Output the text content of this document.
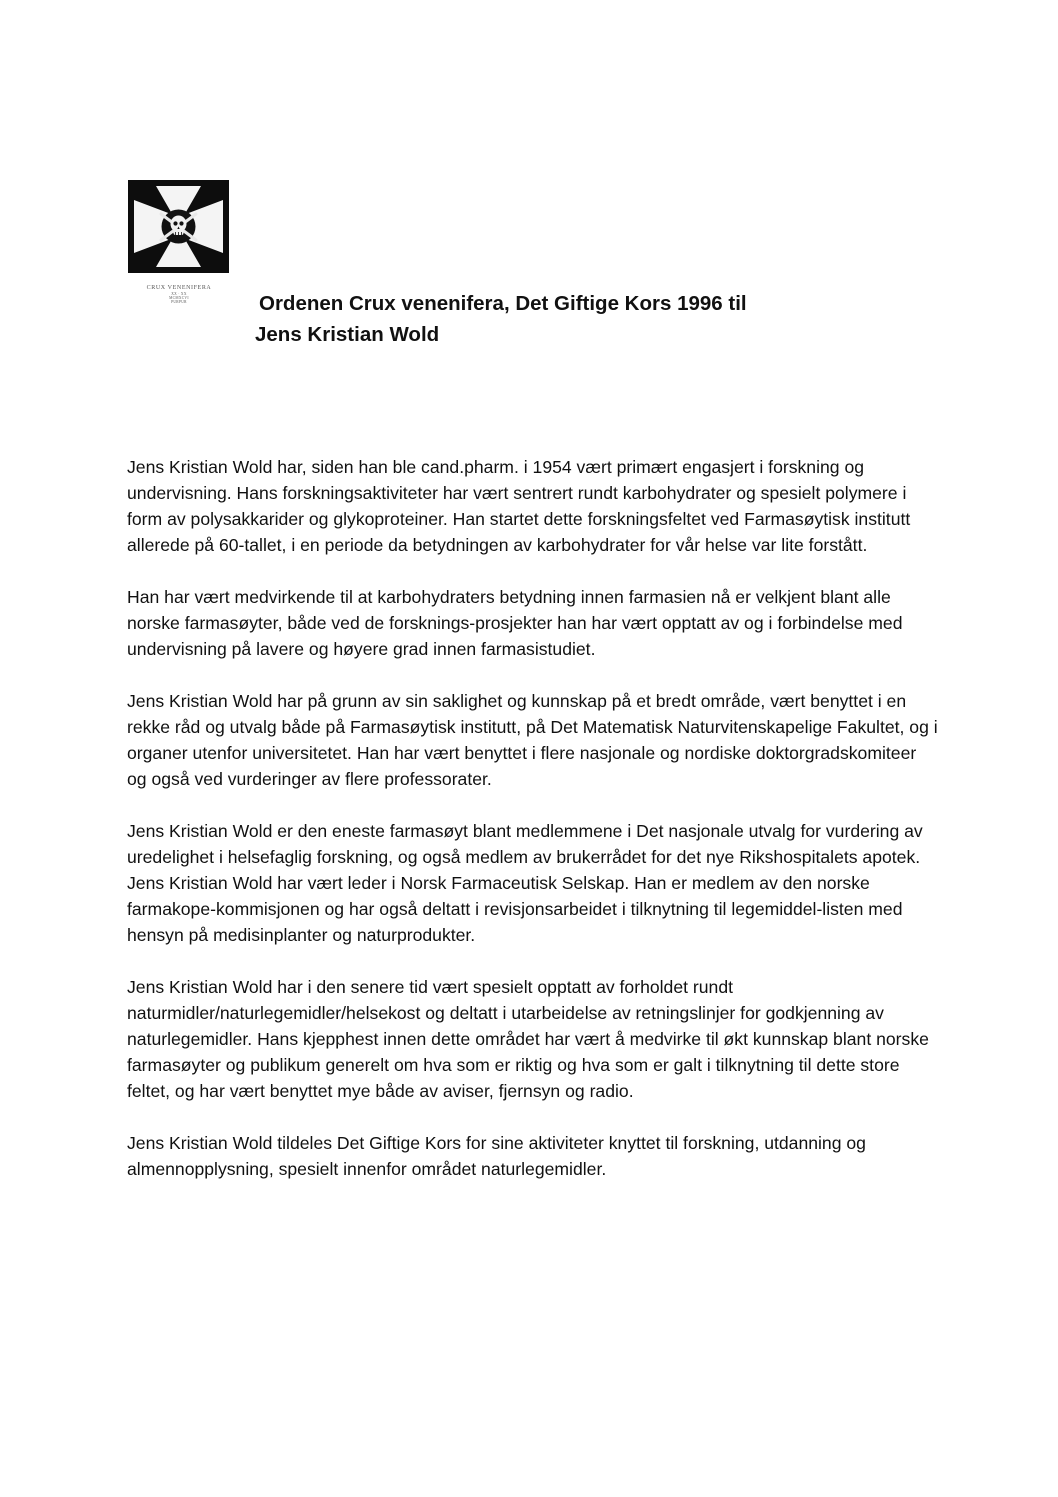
CRUX VENENIFERA
XX · XX
MCMXCVI
PURPUR	Ordenen Crux venenifera, Det Giftige Kors 1996 til
Jens Kristian Wold

Jens Kristian Wold har, siden han ble cand.pharm. i 1954 vært primært engasjert i forskning og undervisning. Hans forskningsaktiviteter har vært sentrert rundt karbohydrater og spesielt polymere i form av polysakkarider og glykoproteiner. Han startet dette forskningsfeltet ved Farmasøytisk institutt allerede på 60-tallet, i en periode da betydningen av karbohydrater for vår helse var lite forstått.

Han har vært medvirkende til at karbohydraters betydning innen farmasien nå er velkjent blant alle norske farmasøyter, både ved de forsknings-prosjekter han har vært opptatt av og i forbindelse med undervisning på lavere og høyere grad innen farmasistudiet.

Jens Kristian Wold har på grunn av sin saklighet og kunnskap på et bredt område, vært benyttet i en rekke råd og utvalg både på Farmasøytisk institutt, på Det Matematisk Naturvitenskapelige Fakultet, og i organer utenfor universitetet. Han har vært benyttet i flere nasjonale og nordiske doktorgradskomiteer og også ved vurderinger av flere professorater.

Jens Kristian Wold er den eneste farmasøyt blant medlemmene i Det nasjonale utvalg for vurdering av uredelighet i helsefaglig forskning, og også medlem av brukerrådet for det nye Rikshospitalets apotek. Jens Kristian Wold har vært leder i Norsk Farmaceutisk Selskap. Han er medlem av den norske farmakope-kommisjonen og har også deltatt i revisjonsarbeidet i tilknytning til legemiddel-listen med hensyn på medisinplanter og naturprodukter.

Jens Kristian Wold har i den senere tid vært spesielt opptatt av forholdet rundt naturmidler/naturlegemidler/helsekost og deltatt i utarbeidelse av retningslinjer for godkjenning av naturlegemidler. Hans kjepphest innen dette området har vært å medvirke til økt kunnskap blant norske farmasøyter og publikum generelt om hva som er riktig og hva som er galt i tilknytning til dette store feltet, og har vært benyttet mye både av aviser, fjernsyn og radio.

Jens Kristian Wold tildeles Det Giftige Kors for sine aktiviteter knyttet til forskning, utdanning og almennopplysning, spesielt innenfor området naturlegemidler.
